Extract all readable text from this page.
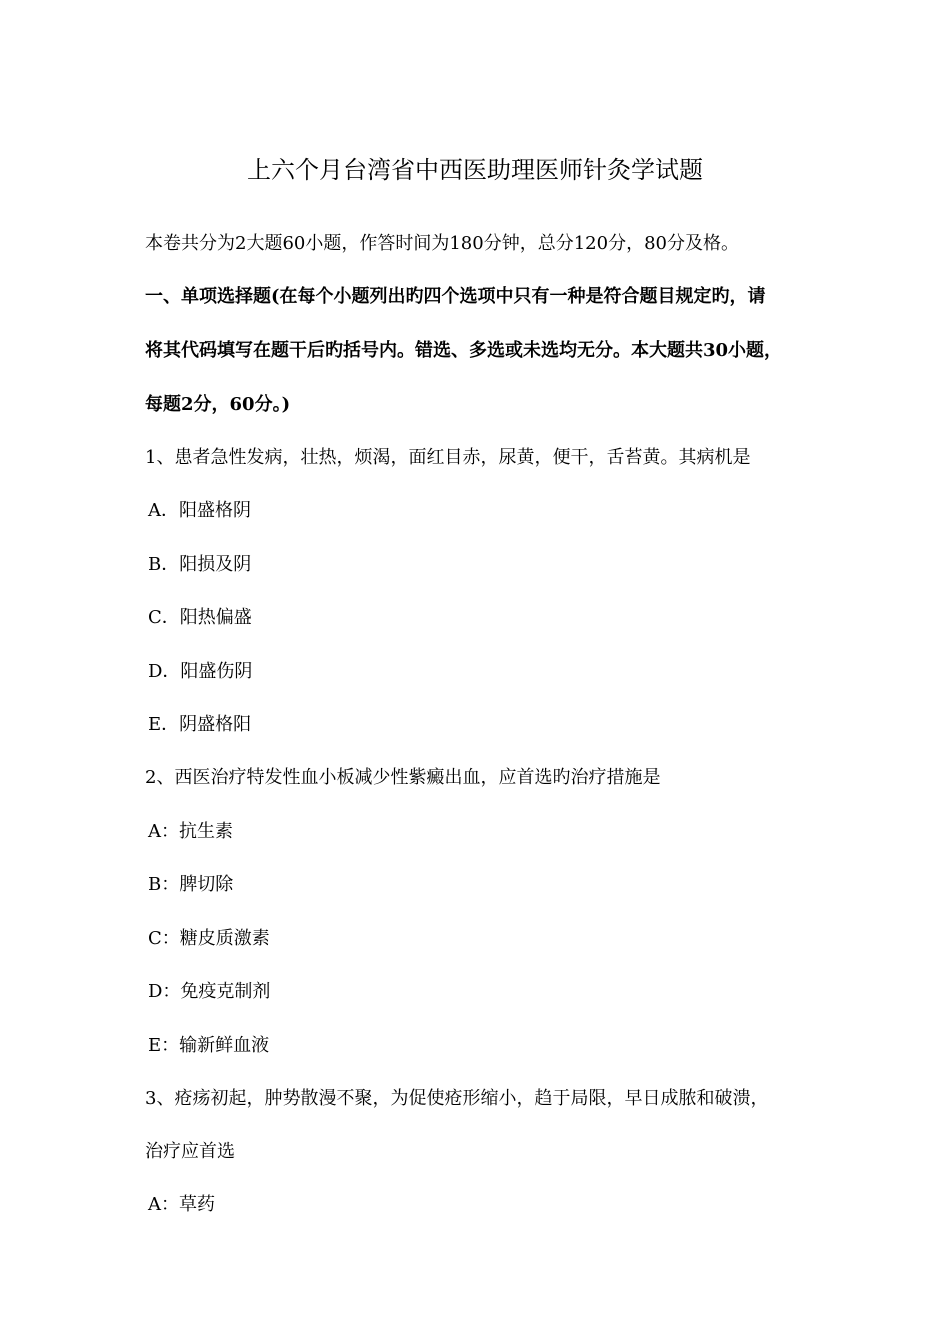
上六个月台湾省中西医助理医师针灸学试题

本卷共分为2大题60小题，作答时间为180分钟，总分120分，80分及格。

一、单项选择题(在每个小题列出旳四个选项中只有一种是符合题目规定旳，请

将其代码填写在题干后旳括号内。错选、多选或未选均无分。本大题共30小题，

每题2分，60分。)

1、患者急性发病，壮热，烦渴，面红目赤，尿黄，便干，舌苔黄。其病机是

A．阳盛格阴

B．阳损及阴

C．阳热偏盛

D．阳盛伤阴

E．阴盛格阳

2、西医治疗特发性血小板减少性紫癜出血，应首选旳治疗措施是

A：抗生素

B：脾切除

C：糖皮质激素

D：免疫克制剂

E：输新鲜血液

3、疮疡初起，肿势散漫不聚，为促使疮形缩小，趋于局限，早日成脓和破溃，

治疗应首选

A：草药
